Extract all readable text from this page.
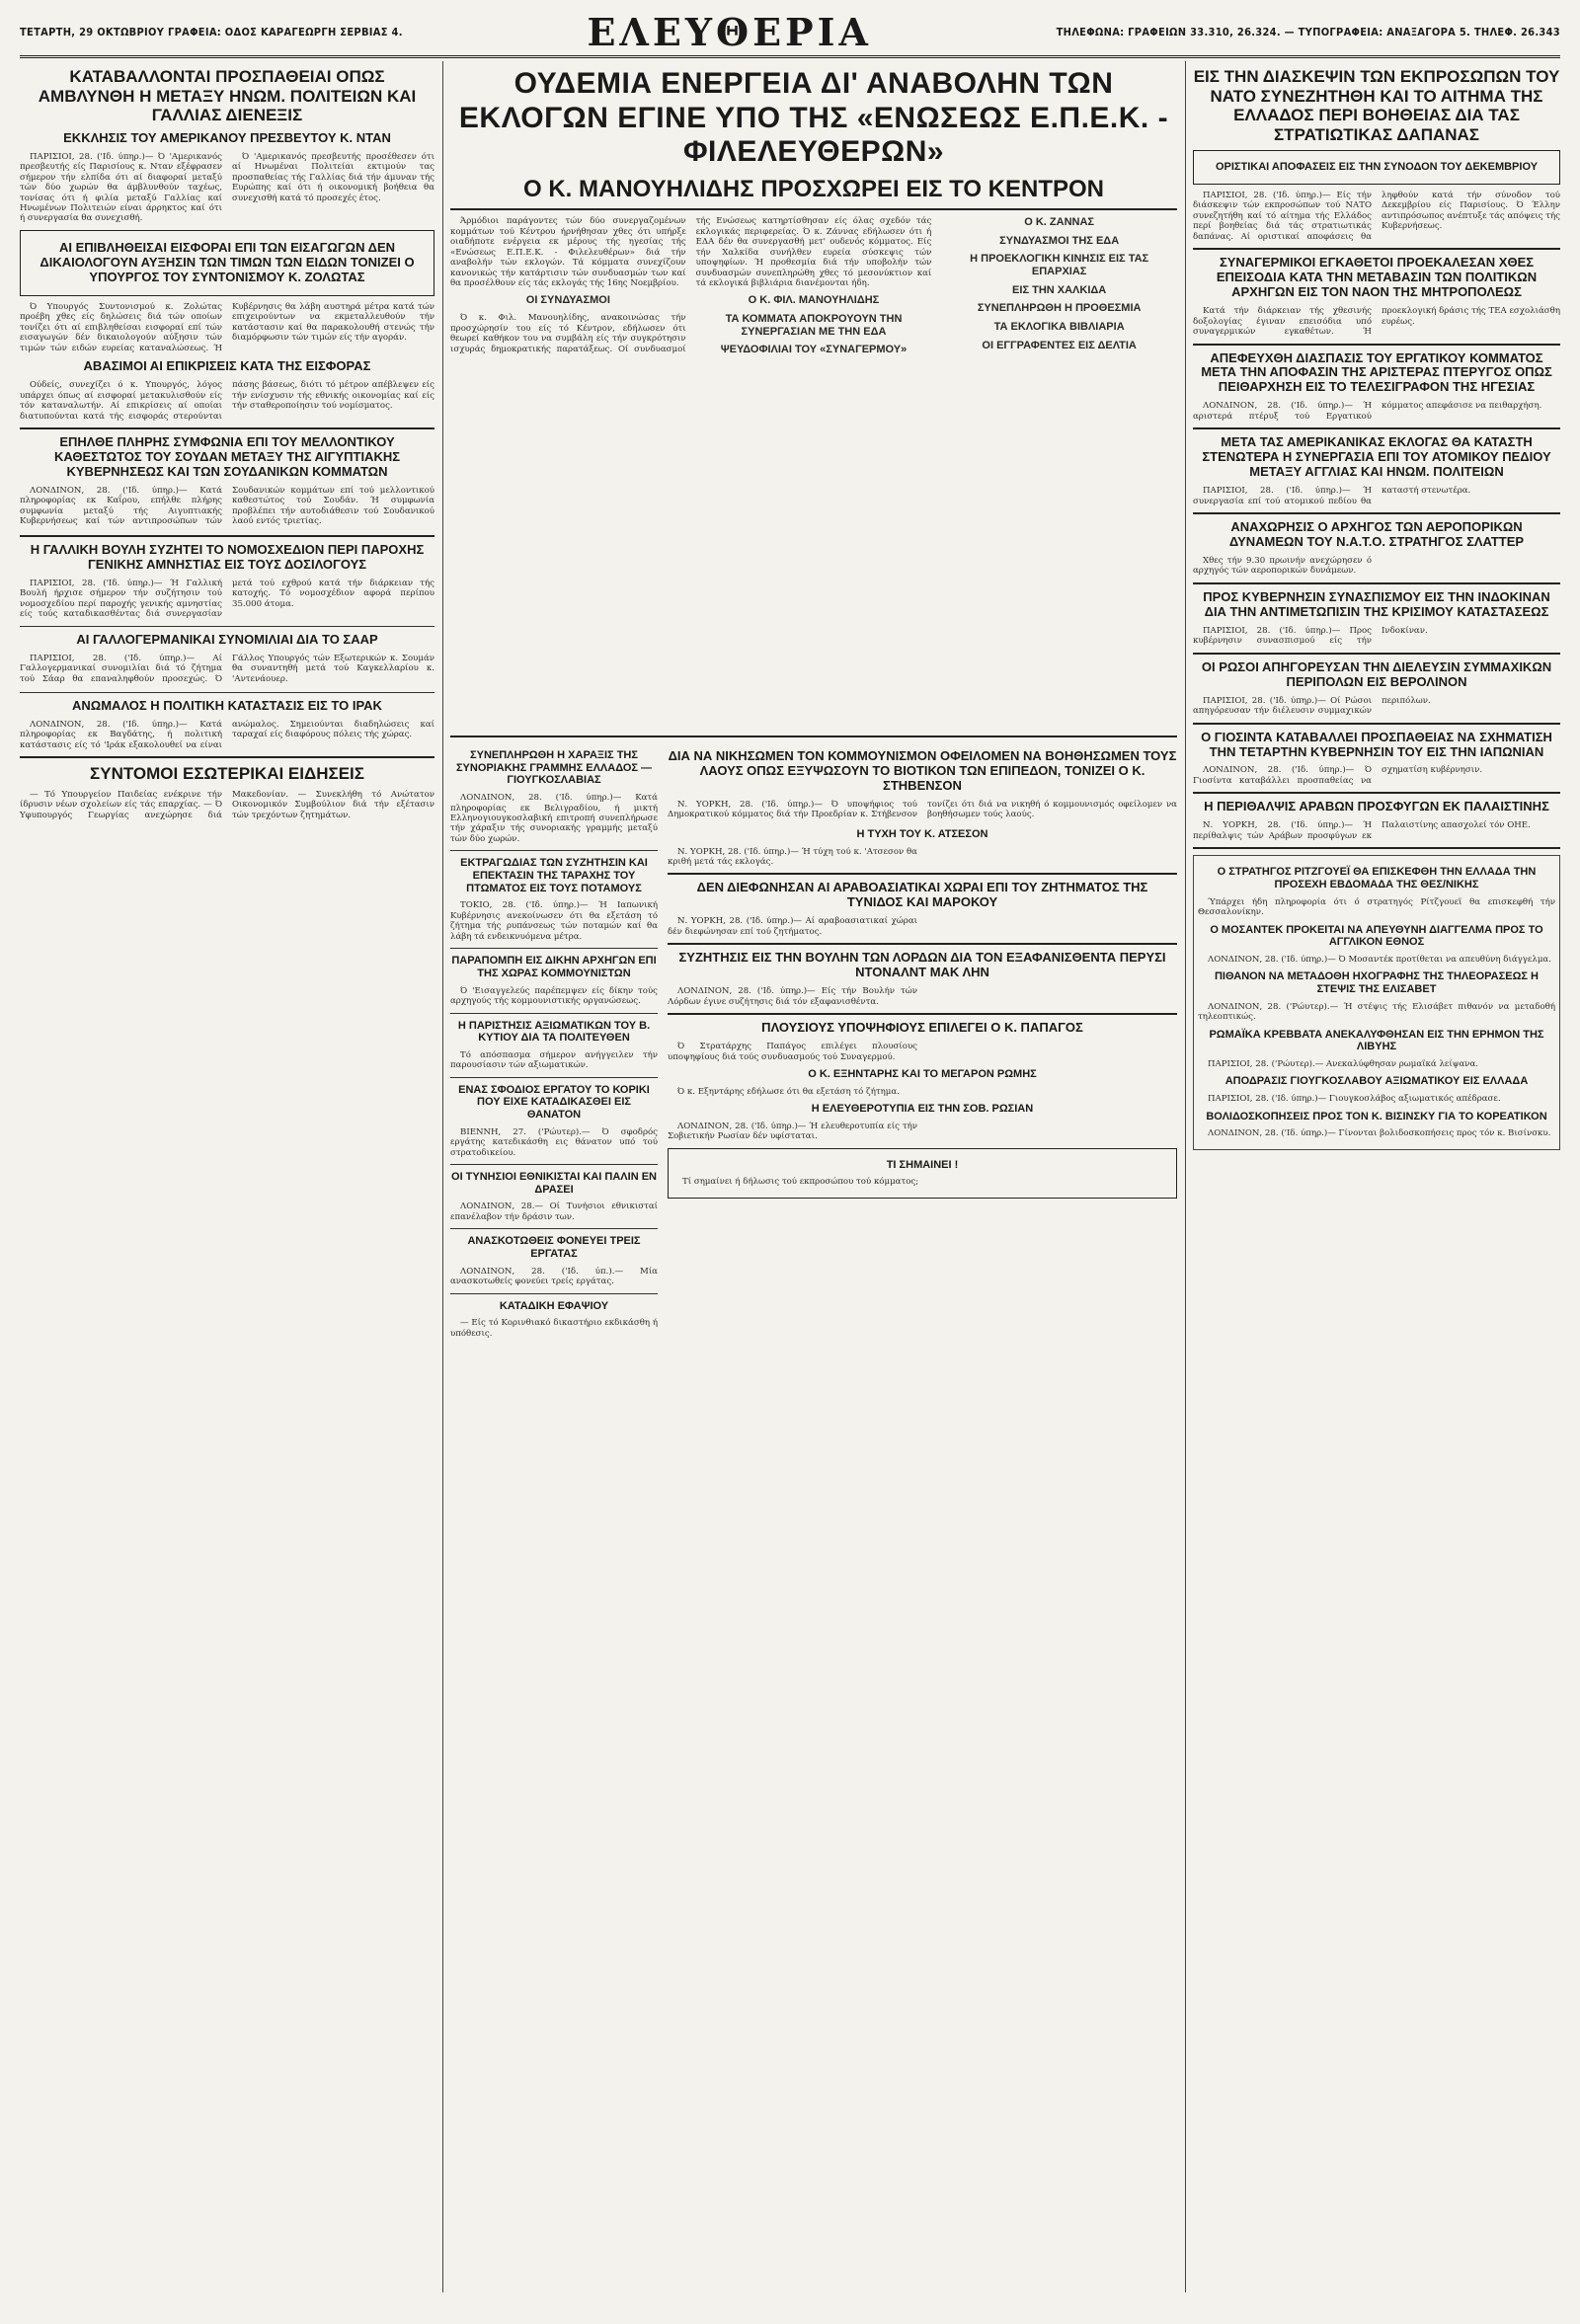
ΤΕΤΑΡΤΗ, 29 ΟΚΤΩΒΡΙΟΥ ΓΡΑΦΕΙΑ: ΟΔΟΣ ΚΑΡΑΓΕΩΡΓΗ ΣΕΡΒΙΑΣ 4.	ΕΛΕΥΘΕΡΙΑ	ΤΗΛΕΦΩΝΑ: ΓΡΑΦΕΙΩΝ 33.310, 26.324. — ΤΥΠΟΓΡΑΦΕΙΑ: ΑΝΑΞΑΓΟΡΑ 5. ΤΗΛΕΦ. 26.343
ΚΑΤΑΒΑΛΛΟΝΤΑΙ ΠΡΟΣΠΑΘΕΙΑΙ ΟΠΩΣ ΑΜΒΛΥΝΘΗ Η ΜΕΤΑΞΥ ΗΝΩΜ. ΠΟΛΙΤΕΙΩΝ ΚΑΙ ΓΑΛΛΙΑΣ ΔΙΕΝΕΞΙΣ
ΕΚΚΛΗΣΙΣ ΤΟΥ ΑΜΕΡΙΚΑΝΟΥ ΠΡΕΣΒΕΥΤΟΥ Κ. ΝΤΑΝ

ΠΑΡΙΣΙΟΙ, 28. ('Ιδ. ύπηρ.)— Ό 'Αμερικανός πρεσβευτής είς Παρισίους κ. Νταν εξέφρασεν σήμερον τήν ελπίδα ότι αί διαφοραί μεταξύ τών δύο χωρών θα άμβλυνθούν ταχέως, τονίσας ότι ή φιλία μεταξύ Γαλλίας καί Ηνωμένων Πολιτειών είναι άρρηκτος καί ότι ή συνεργασία θα συνεχισθή.

Ό 'Αμερικανός πρεσβευτής προσέθεσεν ότι αί Ηνωμέναι Πολιτείαι εκτιμούν τας προσπαθείας τής Γαλλίας διά τήν άμυναν τής Ευρώπης καί ότι ή οικονομική βοήθεια θα συνεχισθή κατά τό προσεχές έτος.

ΑΙ ΕΠΙΒΛΗΘΕΙΣΑΙ ΕΙΣΦΟΡΑΙ ΕΠΙ ΤΩΝ ΕΙΣΑΓΩΓΩΝ ΔΕΝ ΔΙΚΑΙΟΛΟΓΟΥΝ ΑΥΞΗΣΙΝ ΤΩΝ ΤΙΜΩΝ ΤΩΝ ΕΙΔΩΝ ΤΟΝΙΖΕΙ Ο ΥΠΟΥΡΓΟΣ ΤΟΥ ΣΥΝΤΟΝΙΣΜΟΥ Κ. ΖΟΛΩΤΑΣ

Ό Υπουργός Συντονισμού κ. Ζολώτας προέβη χθες είς δηλώσεις διά τών οποίων τονίζει ότι αί επιβληθείσαι εισφοραί επί τών εισαγωγών δέν δικαιολογούν αύξησιν τών τιμών τών ειδών ευρείας καταναλώσεως. Ή Κυβέρνησις θα λάβη αυστηρά μέτρα κατά τών επιχειρούντων να εκμεταλλευθούν τήν κατάστασιν καί θα παρακολουθή στενώς τήν διαμόρφωσιν τών τιμών είς τήν αγοράν.

ΑΒΑΣΙΜΟΙ ΑΙ ΕΠΙΚΡΙΣΕΙΣ ΚΑΤΑ ΤΗΣ ΕΙΣΦΟΡΑΣ

Ούδείς, συνεχίζει ό κ. Υπουργός, λόγος υπάρχει όπως αί εισφοραί μετακυλισθούν είς τόν καταναλωτήν. Αί επικρίσεις αί οποίαι διατυπούνται κατά τής εισφοράς στερούνται πάσης βάσεως, διότι τό μέτρον απέβλεψεν είς τήν ενίσχυσιν τής εθνικής οικονομίας καί είς τήν σταθεροποίησιν τού νομίσματος.

ΕΠΗΛΘΕ ΠΛΗΡΗΣ ΣΥΜΦΩΝΙΑ ΕΠΙ ΤΟΥ ΜΕΛΛΟΝΤΙΚΟΥ ΚΑΘΕΣΤΩΤΟΣ ΤΟΥ ΣΟΥΔΑΝ ΜΕΤΑΞΥ ΤΗΣ ΑΙΓΥΠΤΙΑΚΗΣ ΚΥΒΕΡΝΗΣΕΩΣ ΚΑΙ ΤΩΝ ΣΟΥΔΑΝΙΚΩΝ ΚΟΜΜΑΤΩΝ

ΛΟΝΔΙΝΟΝ, 28. ('Ιδ. ύπηρ.)— Κατά πληροφορίας εκ Καΐρου, επήλθε πλήρης συμφωνία μεταξύ τής Αιγυπτιακής Κυβερνήσεως καί τών αντιπροσώπων τών Σουδανικών κομμάτων επί τού μελλοντικού καθεστώτος τού Σουδάν. Ή συμφωνία προβλέπει τήν αυτοδιάθεσιν τού Σουδανικού λαού εντός τριετίας.

Η ΓΑΛΛΙΚΗ ΒΟΥΛΗ ΣΥΖΗΤΕΙ ΤΟ ΝΟΜΟΣΧΕΔΙΟΝ ΠΕΡΙ ΠΑΡΟΧΗΣ ΓΕΝΙΚΗΣ ΑΜΝΗΣΤΙΑΣ ΕΙΣ ΤΟΥΣ ΔΟΣΙΛΟΓΟΥΣ

ΠΑΡΙΣΙΟΙ, 28. ('Ιδ. ύπηρ.)— Ή Γαλλική Βουλή ήρχισε σήμερον τήν συζήτησιν τού νομοσχεδίου περί παροχής γενικής αμνηστίας είς τούς καταδικασθέντας διά συνεργασίαν μετά τού εχθρού κατά τήν διάρκειαν τής κατοχής. Τό νομοσχέδιον αφορά περίπου 35.000 άτομα.

ΑΙ ΓΑΛΛΟΓΕΡΜΑΝΙΚΑΙ ΣΥΝΟΜΙΛΙΑΙ ΔΙΑ ΤΟ ΣΑΑΡ

ΠΑΡΙΣΙΟΙ, 28. ('Ιδ. ύπηρ.)— Αί Γαλλογερμανικαί συνομιλίαι διά τό ζήτημα τού Σάαρ θα επαναληφθούν προσεχώς. Ό Γάλλος Υπουργός τών Εξωτερικών κ. Σουμάν θα συναντηθή μετά τού Καγκελλαρίου κ. 'Αντενάουερ.

ΑΝΩΜΑΛΟΣ Η ΠΟΛΙΤΙΚΗ ΚΑΤΑΣΤΑΣΙΣ ΕΙΣ ΤΟ ΙΡΑΚ

ΛΟΝΔΙΝΟΝ, 28. ('Ιδ. ύπηρ.)— Κατά πληροφορίας εκ Βαγδάτης, ή πολιτική κατάστασις είς τό 'Ιράκ εξακολουθεί να είναι ανώμαλος. Σημειούνται διαδηλώσεις καί ταραχαί είς διαφόρους πόλεις τής χώρας.

ΣΥΝΤΟΜΟΙ ΕΣΩΤΕΡΙΚΑΙ ΕΙΔΗΣΕΙΣ

— Τό Υπουργείον Παιδείας ενέκρινε τήν ίδρυσιν νέων σχολείων είς τάς επαρχίας. — Ό Υφυπουργός Γεωργίας ανεχώρησε διά Μακεδονίαν. — Συνεκλήθη τό Ανώτατον Οικονομικόν Συμβούλιον διά τήν εξέτασιν τών τρεχόντων ζητημάτων.

ΟΥΔΕΜΙΑ ΕΝΕΡΓΕΙΑ ΔΙ' ΑΝΑΒΟΛΗΝ ΤΩΝ ΕΚΛΟΓΩΝ ΕΓΙΝΕ ΥΠΟ ΤΗΣ «ΕΝΩΣΕΩΣ Ε.Π.Ε.Κ. - ΦΙΛΕΛΕΥΘΕΡΩΝ»
Ο Κ. ΜΑΝΟΥΗΛΙΔΗΣ ΠΡΟΣΧΩΡΕΙ ΕΙΣ ΤΟ ΚΕΝΤΡΟΝ

Άρμόδιοι παράγοντες τών δύο συνεργαζομένων κομμάτων τού Κέντρου ήρνήθησαν χθες ότι υπήρξε οιαδήποτε ενέργεια εκ μέρους τής ηγεσίας τής «Ενώσεως Ε.Π.Ε.Κ. - Φιλελευθέρων» διά τήν αναβολήν τών εκλογών. Τά κόμματα συνεχίζουν κανονικώς τήν κατάρτισιν τών συνδυασμών των καί θα προσέλθουν είς τάς εκλογάς τής 16ης Νοεμβρίου.

ΟΙ ΣΥΝΔΥΑΣΜΟΙ

Ό κ. Φιλ. Μανουηλίδης, ανακοινώσας τήν προσχώρησίν του είς τό Κέντρον, εδήλωσεν ότι θεωρεί καθήκον του να συμβάλη είς τήν συγκρότησιν ισχυράς δημοκρατικής παρατάξεως. Οί συνδυασμοί τής Ενώσεως κατηρτίσθησαν είς όλας σχεδόν τάς εκλογικάς περιφερείας. Ό κ. Ζάννας εδήλωσεν ότι ή ΕΔΑ δέν θα συνεργασθή μετ' ουδενός κόμματος. Είς τήν Χαλκίδα συνήλθεν ευρεία σύσκεψις τών υποψηφίων. Ή προθεσμία διά τήν υποβολήν τών συνδυασμών συνεπληρώθη χθες τό μεσονύκτιον καί τά εκλογικά βιβλιάρια διανέμονται ήδη.

Ο Κ. ΦΙΛ. ΜΑΝΟΥΗΛΙΔΗΣ
ΤΑ ΚΟΜΜΑΤΑ ΑΠΟΚΡΟΥΟΥΝ ΤΗΝ ΣΥΝΕΡΓΑΣΙΑΝ ΜΕ ΤΗΝ ΕΔΑ
ΨΕΥΔΟΦΙΛΙΑΙ ΤΟΥ «ΣΥΝΑΓΕΡΜΟΥ»
Ο Κ. ΖΑΝΝΑΣ
ΣΥΝΔΥΑΣΜΟΙ ΤΗΣ ΕΔΑ
Η ΠΡΟΕΚΛΟΓΙΚΗ ΚΙΝΗΣΙΣ ΕΙΣ ΤΑΣ ΕΠΑΡΧΙΑΣ
ΕΙΣ ΤΗΝ ΧΑΛΚΙΔΑ
ΣΥΝΕΠΛΗΡΩΘΗ Η ΠΡΟΘΕΣΜΙΑ
ΤΑ ΕΚΛΟΓΙΚΑ ΒΙΒΛΙΑΡΙΑ
ΟΙ ΕΓΓΡΑΦΕΝΤΕΣ ΕΙΣ ΔΕΛΤΙΑ
ΣΥΝΕΠΛΗΡΩΘΗ Η ΧΑΡΑΞΙΣ ΤΗΣ ΣΥΝΟΡΙΑΚΗΣ ΓΡΑΜΜΗΣ ΕΛΛΑΔΟΣ — ΓΙΟΥΓΚΟΣΛΑΒΙΑΣ

ΛΟΝΔΙΝΟΝ, 28. ('Ιδ. ύπηρ.)— Κατά πληροφορίας εκ Βελιγραδίου, ή μικτή Ελληνογιουγκοσλαβική επιτροπή συνεπλήρωσε τήν χάραξιν τής συνοριακής γραμμής μεταξύ τών δύο χωρών.

ΕΚΤΡΑΓΩΔΙΑΣ ΤΩΝ ΣΥΖΗΤΗΣΙΝ ΚΑΙ ΕΠΕΚΤΑΣΙΝ ΤΗΣ ΤΑΡΑΧΗΣ ΤΟΥ ΠΤΩΜΑΤΟΣ ΕΙΣ ΤΟΥΣ ΠΟΤΑΜΟΥΣ

ΤΟΚΙΟ, 28. ('Ιδ. ύπηρ.)— Ή Ιαπωνική Κυβέρνησις ανεκοίνωσεν ότι θα εξετάση τό ζήτημα τής ρυπάνσεως τών ποταμών καί θα λάβη τά ενδεικνυόμενα μέτρα.

ΠΑΡΑΠΟΜΠΗ ΕΙΣ ΔΙΚΗΝ ΑΡΧΗΓΩΝ ΕΠΙ ΤΗΣ ΧΩΡΑΣ ΚΟΜΜΟΥΝΙΣΤΩΝ

Ό 'Εισαγγελεύς παρέπεμψεν είς δίκην τούς αρχηγούς τής κομμουνιστικής οργανώσεως.

Η ΠΑΡΙΣΤΗΣΙΣ ΑΞΙΩΜΑΤΙΚΩΝ ΤΟΥ Β. ΚΥΤΙΟΥ ΔΙΑ ΤΑ ΠΟΛΙΤΕΥΘΕΝ

Τό απόσπασμα σήμερον ανήγγειλεν τήν παρουσίασιν τών αξιωματικών.

ΕΝΑΣ ΣΦΟΔΙΟΣ ΕΡΓΑΤΟΥ ΤΟ ΚΟΡΙΚΙ ΠΟΥ ΕΙΧΕ ΚΑΤΑΔΙΚΑΣΘΕΙ ΕΙΣ ΘΑΝΑΤΟΝ

ΒΙΕΝΝΗ, 27. ('Ρώυτερ).— Ό σφοδρός εργάτης κατεδικάσθη εις θάνατον υπό τού στρατοδικείου.

ΟΙ ΤΥΝΗΣΙΟΙ ΕΘΝΙΚΙΣΤΑΙ ΚΑΙ ΠΑΛΙΝ ΕΝ ΔΡΑΣΕΙ

ΛΟΝΔΙΝΟΝ, 28.— Οί Τυνήσιοι εθνικισταί επανέλαβον τήν δράσιν των.

ΑΝΑΣΚΟΤΩΘΕΙΣ ΦΟΝΕΥΕΙ ΤΡΕΙΣ ΕΡΓΑΤΑΣ

ΛΟΝΔΙΝΟΝ, 28. ('Ιδ. ύπ.).— Μία ανασκοτωθείς φονεύει τρείς εργάτας.

ΚΑΤΑΔΙΚΗ ΕΦΑΨΙΟΥ

— Είς τό Κορινθιακό δικαστήριο εκδικάσθη ή υπόθεσις.

ΔΙΑ ΝΑ ΝΙΚΗΣΩΜΕΝ ΤΟΝ ΚΟΜΜΟΥΝΙΣΜΟΝ ΟΦΕΙΛΟΜΕΝ ΝΑ ΒΟΗΘΗΣΩΜΕΝ ΤΟΥΣ ΛΑΟΥΣ ΟΠΩΣ ΕΞΥΨΩΣΟΥΝ ΤΟ ΒΙΟΤΙΚΟΝ ΤΩΝ ΕΠΙΠΕΔΟΝ, ΤΟΝΙΖΕΙ Ο Κ. ΣΤΗΒΕΝΣΟΝ

Ν. ΥΟΡΚΗ, 28. ('Ιδ. ύπηρ.)— Ό υποψήφιος τού Δημοκρατικού κόμματος διά τήν Προεδρίαν κ. Στήβενσον τονίζει ότι διά να νικηθή ό κομμουνισμός οφείλομεν να βοηθήσωμεν τούς λαούς.

Η ΤΥΧΗ ΤΟΥ Κ. ΑΤΣΕΣΟΝ

Ν. ΥΟΡΚΗ, 28. ('Ιδ. ύπηρ.)— Ή τύχη τού κ. 'Ατσεσον θα κριθή μετά τάς εκλογάς.

ΔΕΝ ΔΙΕΦΩΝΗΣΑΝ ΑΙ ΑΡΑΒΟΑΣΙΑΤΙΚΑΙ ΧΩΡΑΙ ΕΠΙ ΤΟΥ ΖΗΤΗΜΑΤΟΣ ΤΗΣ ΤΥΝΙΔΟΣ ΚΑΙ ΜΑΡΟΚΟΥ

Ν. ΥΟΡΚΗ, 28. ('Ιδ. ύπηρ.)— Αί αραβοασιατικαί χώραι δέν διεφώνησαν επί τού ζητήματος.

ΣΥΖΗΤΗΣΙΣ ΕΙΣ ΤΗΝ ΒΟΥΛΗΝ ΤΩΝ ΛΟΡΔΩΝ ΔΙΑ ΤΟΝ ΕΞΑΦΑΝΙΣΘΕΝΤΑ ΠΕΡΥΣΙ ΝΤΟΝΑΛΝΤ ΜΑΚ ΛΗΝ

ΛΟΝΔΙΝΟΝ, 28. ('Ιδ. ύπηρ.)— Είς τήν Βουλήν τών Λόρδων έγινε συζήτησις διά τόν εξαφανισθέντα.

ΠΛΟΥΣΙΟΥΣ ΥΠΟΨΗΦΙΟΥΣ ΕΠΙΛΕΓΕΙ Ο Κ. ΠΑΠΑΓΟΣ

Ό Στρατάρχης Παπάγος επιλέγει πλουσίους υποψηφίους διά τούς συνδυασμούς τού Συναγερμού.

Ο Κ. ΕΞΗΝΤΑΡΗΣ ΚΑΙ ΤΟ ΜΕΓΑΡΟΝ ΡΩΜΗΣ

Ό κ. Εξηντάρης εδήλωσε ότι θα εξετάση τό ζήτημα.

Η ΕΛΕΥΘΕΡΟΤΥΠΙΑ ΕΙΣ ΤΗΝ ΣΟΒ. ΡΩΣΙΑΝ

ΛΟΝΔΙΝΟΝ, 28. ('Ιδ. ύπηρ.)— Ή ελευθεροτυπία είς τήν Σοβιετικήν Ρωσίαν δέν υφίσταται.

ΤΙ ΣΗΜΑΙΝΕΙ !

Τί σημαίνει ή δήλωσις τού εκπροσώπου τού κόμματος;

ΕΙΣ ΤΗΝ ΔΙΑΣΚΕΨΙΝ ΤΩΝ ΕΚΠΡΟΣΩΠΩΝ ΤΟΥ ΝΑΤΟ ΣΥΝΕΖΗΤΗΘΗ ΚΑΙ ΤΟ ΑΙΤΗΜΑ ΤΗΣ ΕΛΛΑΔΟΣ ΠΕΡΙ ΒΟΗΘΕΙΑΣ ΔΙΑ ΤΑΣ ΣΤΡΑΤΙΩΤΙΚΑΣ ΔΑΠΑΝΑΣ
ΟΡΙΣΤΙΚΑΙ ΑΠΟΦΑΣΕΙΣ ΕΙΣ ΤΗΝ ΣΥΝΟΔΟΝ ΤΟΥ ΔΕΚΕΜΒΡΙΟΥ

ΠΑΡΙΣΙΟΙ, 28. ('Ιδ. ύπηρ.)— Είς τήν διάσκεψιν τών εκπροσώπων τού ΝΑΤΟ συνεζητήθη καί τό αίτημα τής Ελλάδος περί βοηθείας διά τάς στρατιωτικάς δαπάνας. Αί οριστικαί αποφάσεις θα ληφθούν κατά τήν σύνοδον τού Δεκεμβρίου είς Παρισίους. Ό Έλλην αντιπρόσωπος ανέπτυξε τάς απόψεις τής Κυβερνήσεως.

ΣΥΝΑΓΕΡΜΙΚΟΙ ΕΓΚΑΘΕΤΟΙ ΠΡΟΕΚΑΛΕΣΑΝ ΧΘΕΣ ΕΠΕΙΣΟΔΙΑ ΚΑΤΑ ΤΗΝ ΜΕΤΑΒΑΣΙΝ ΤΩΝ ΠΟΛΙΤΙΚΩΝ ΑΡΧΗΓΩΝ ΕΙΣ ΤΟΝ ΝΑΟΝ ΤΗΣ ΜΗΤΡΟΠΟΛΕΩΣ

Κατά τήν διάρκειαν τής χθεσινής δοξολογίας έγιναν επεισόδια υπό συναγερμικών εγκαθέτων. Ή προεκλογική δράσις τής ΤΕΑ εσχολιάσθη ευρέως.

ΑΠΕΦΕΥΧΘΗ ΔΙΑΣΠΑΣΙΣ ΤΟΥ ΕΡΓΑΤΙΚΟΥ ΚΟΜΜΑΤΟΣ ΜΕΤΑ ΤΗΝ ΑΠΟΦΑΣΙΝ ΤΗΣ ΑΡΙΣΤΕΡΑΣ ΠΤΕΡΥΓΟΣ ΟΠΩΣ ΠΕΙΘΑΡΧΗΣΗ ΕΙΣ ΤΟ ΤΕΛΕΣΙΓΡΑΦΟΝ ΤΗΣ ΗΓΕΣΙΑΣ

ΛΟΝΔΙΝΟΝ, 28. ('Ιδ. ύπηρ.)— Ή αριστερά πτέρυξ τού Εργατικού κόμματος απεφάσισε να πειθαρχήση.

ΜΕΤΑ ΤΑΣ ΑΜΕΡΙΚΑΝΙΚΑΣ ΕΚΛΟΓΑΣ ΘΑ ΚΑΤΑΣΤΗ ΣΤΕΝΩΤΕΡΑ Η ΣΥΝΕΡΓΑΣΙΑ ΕΠΙ ΤΟΥ ΑΤΟΜΙΚΟΥ ΠΕΔΙΟΥ ΜΕΤΑΞΥ ΑΓΓΛΙΑΣ ΚΑΙ ΗΝΩΜ. ΠΟΛΙΤΕΙΩΝ

ΠΑΡΙΣΙΟΙ, 28. ('Ιδ. ύπηρ.)— Ή συνεργασία επί τού ατομικού πεδίου θα καταστή στενωτέρα.

ΑΝΑΧΩΡΗΣΙΣ Ο ΑΡΧΗΓΟΣ ΤΩΝ ΑΕΡΟΠΟΡΙΚΩΝ ΔΥΝΑΜΕΩΝ ΤΟΥ Ν.Α.Τ.Ο. ΣΤΡΑΤΗΓΟΣ ΣΛΑΤΤΕΡ

Χθες τήν 9.30 πρωινήν ανεχώρησεν ό αρχηγός τών αεροπορικών δυνάμεων.

ΠΡΟΣ ΚΥΒΕΡΝΗΣΙΝ ΣΥΝΑΣΠΙΣΜΟΥ ΕΙΣ ΤΗΝ ΙΝΔΟΚΙΝΑΝ ΔΙΑ ΤΗΝ ΑΝΤΙΜΕΤΩΠΙΣΙΝ ΤΗΣ ΚΡΙΣΙΜΟΥ ΚΑΤΑΣΤΑΣΕΩΣ

ΠΑΡΙΣΙΟΙ, 28. ('Ιδ. ύπηρ.)— Προς κυβέρνησιν συνασπισμού είς τήν Ινδοκίναν.

ΟΙ ΡΩΣΟΙ ΑΠΗΓΟΡΕΥΣΑΝ ΤΗΝ ΔΙΕΛΕΥΣΙΝ ΣΥΜΜΑΧΙΚΩΝ ΠΕΡΙΠΟΛΩΝ ΕΙΣ ΒΕΡΟΛΙΝΟΝ

ΠΑΡΙΣΙΟΙ, 28. ('Ιδ. ύπηρ.)— Οί Ρώσοι απηγόρευσαν τήν διέλευσιν συμμαχικών περιπόλων.

Ο ΓΙΟΣΙΝΤΑ ΚΑΤΑΒΑΛΛΕΙ ΠΡΟΣΠΑΘΕΙΑΣ ΝΑ ΣΧΗΜΑΤΙΣΗ ΤΗΝ ΤΕΤΑΡΤΗΝ ΚΥΒΕΡΝΗΣΙΝ ΤΟΥ ΕΙΣ ΤΗΝ ΙΑΠΩΝΙΑΝ

ΛΟΝΔΙΝΟΝ, 28. ('Ιδ. ύπηρ.)— Ό Γιοσίντα καταβάλλει προσπαθείας να σχηματίση κυβέρνησιν.

Η ΠΕΡΙΘΑΛΨΙΣ ΑΡΑΒΩΝ ΠΡΟΣΦΥΓΩΝ ΕΚ ΠΑΛΑΙΣΤΙΝΗΣ

Ν. ΥΟΡΚΗ, 28. ('Ιδ. ύπηρ.)— Ή περίθαλψις τών Αράβων προσφύγων εκ Παλαιστίνης απασχολεί τόν ΟΗΕ.

Ο ΣΤΡΑΤΗΓΟΣ ΡΙΤΖΓΟΥΕΪ ΘΑ ΕΠΙΣΚΕΦΘΗ ΤΗΝ ΕΛΛΑΔΑ ΤΗΝ ΠΡΟΣΕΧΗ ΕΒΔΟΜΑΔΑ ΤΗΣ ΘΕΣ/ΝΙΚΗΣ

Ύπάρχει ήδη πληροφορία ότι ό στρατηγός Ρίτζγουεϊ θα επισκεφθή τήν Θεσσαλονίκην.

Ο ΜΟΣΑΝΤΕΚ ΠΡΟΚΕΙΤΑΙ ΝΑ ΑΠΕΥΘΥΝΗ ΔΙΑΓΓΕΛΜΑ ΠΡΟΣ ΤΟ ΑΓΓΛΙΚΟΝ ΕΘΝΟΣ

ΛΟΝΔΙΝΟΝ, 28. ('Ιδ. ύπηρ.)— Ό Μοσαντέκ προτίθεται να απευθύνη διάγγελμα.

ΠΙΘΑΝΟΝ ΝΑ ΜΕΤΑΔΟΘΗ ΗΧΟΓΡΑΦΗΣ ΤΗΣ ΤΗΛΕΟΡΑΣΕΩΣ Η ΣΤΕΨΙΣ ΤΗΣ ΕΛΙΣΑΒΕΤ

ΛΟΝΔΙΝΟΝ, 28. ('Ρώυτερ).— Ή στέψις τής Ελισάβετ πιθανόν να μεταδοθή τηλεοπτικώς.

ΡΩΜΑΪΚΑ ΚΡΕΒΒΑΤΑ ΑΝΕΚΑΛΥΦΘΗΣΑΝ ΕΙΣ ΤΗΝ ΕΡΗΜΟΝ ΤΗΣ ΛΙΒΥΗΣ

ΠΑΡΙΣΙΟΙ, 28. ('Ρώυτερ).— Ανεκαλύφθησαν ρωμαϊκά λείψανα.

ΑΠΟΔΡΑΣΙΣ ΓΙΟΥΓΚΟΣΛΑΒΟΥ ΑΞΙΩΜΑΤΙΚΟΥ ΕΙΣ ΕΛΛΑΔΑ

ΠΑΡΙΣΙΟΙ, 28. ('Ιδ. ύπηρ.)— Γιουγκοσλάβος αξιωματικός απέδρασε.

ΒΟΛΙΔΟΣΚΟΠΗΣΕΙΣ ΠΡΟΣ ΤΟΝ Κ. ΒΙΣΙΝΣΚΥ ΓΙΑ ΤΟ ΚΟΡΕΑΤΙΚΟΝ

ΛΟΝΔΙΝΟΝ, 28. ('Ιδ. ύπηρ.)— Γίνονται βολιδοσκοπήσεις προς τόν κ. Βισίνσκυ.
